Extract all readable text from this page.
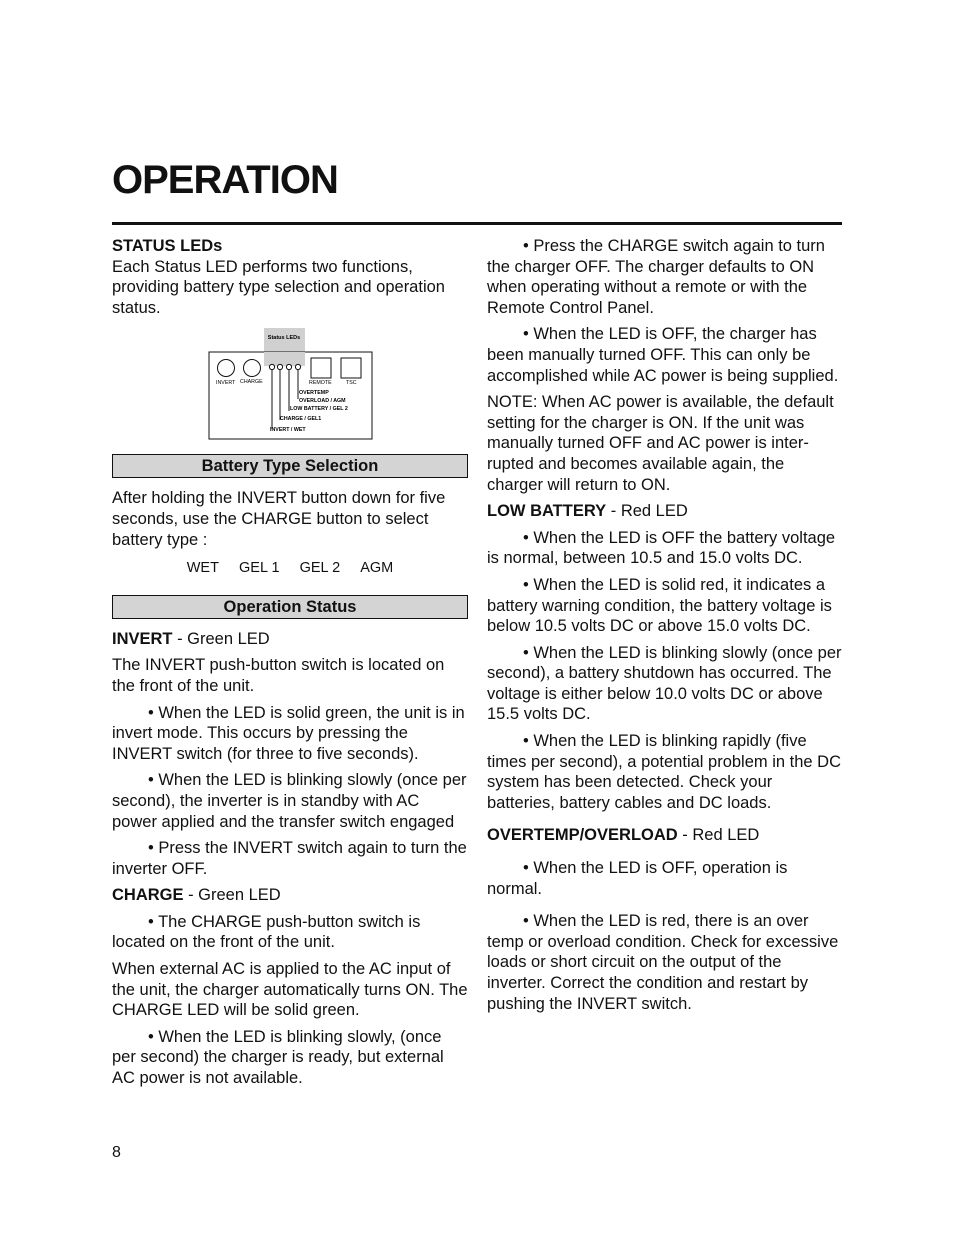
OPERATION

STATUS LEDs

Each Status LED performs two functions, providing battery type selection and operation status.

Status LEDs
INVERT CHARGE	REMOTE	TSC
OVERTEMP
OVERLOAD / AGM
LOW BATTERY / GEL 2
CHARGE / GEL1
INVERT / WET
Battery Type Selection

After holding the INVERT button down for five seconds, use the CHARGE button to select battery type :

WET GEL 1 GEL 2 AGM
Operation Status

INVERT - Green LED

The INVERT push-button switch is located on the front of the unit.

• When the LED is solid green, the unit is in invert mode. This occurs by pressing the INVERT switch (for three to five seconds).

• When the LED is blinking slowly (once per second), the inverter is in standby with AC power applied and the transfer switch engaged

• Press the INVERT switch again to turn the inverter OFF.

CHARGE - Green LED

• The CHARGE push-button switch is located on the front of the unit.

When external AC is applied to the AC input of the unit, the charger automatically turns ON. The CHARGE LED will be solid green.

• When the LED is blinking slowly, (once per second) the charger is ready, but external AC power is not available.

• Press the CHARGE switch again to turn the charger OFF. The charger defaults to ON when operating without a remote or with the Remote Control Panel.

• When the LED is OFF, the charger has been manually turned OFF. This can only be accomplished while AC power is being supplied.

NOTE: When AC power is available, the default setting for the charger is ON. If the unit was manually turned OFF and AC power is inter-rupted and becomes available again, the charger will return to ON.

LOW BATTERY - Red LED

• When the LED is OFF the battery voltage is normal, between 10.5 and 15.0 volts DC.

• When the LED is solid red, it indicates a battery warning condition, the battery voltage is below 10.5 volts DC or above 15.0 volts DC.

• When the LED is blinking slowly (once per second), a battery shutdown has occurred. The voltage is either below 10.0 volts DC or above 15.5 volts DC.

• When the LED is blinking rapidly (five times per second), a potential problem in the DC system has been detected. Check your batteries, battery cables and DC loads.

OVERTEMP/OVERLOAD - Red LED

• When the LED is OFF, operation is normal.

• When the LED is red, there is an over temp or overload condition. Check for excessive loads or short circuit on the output of the inverter. Correct the condition and restart by pushing the INVERT switch.

8
